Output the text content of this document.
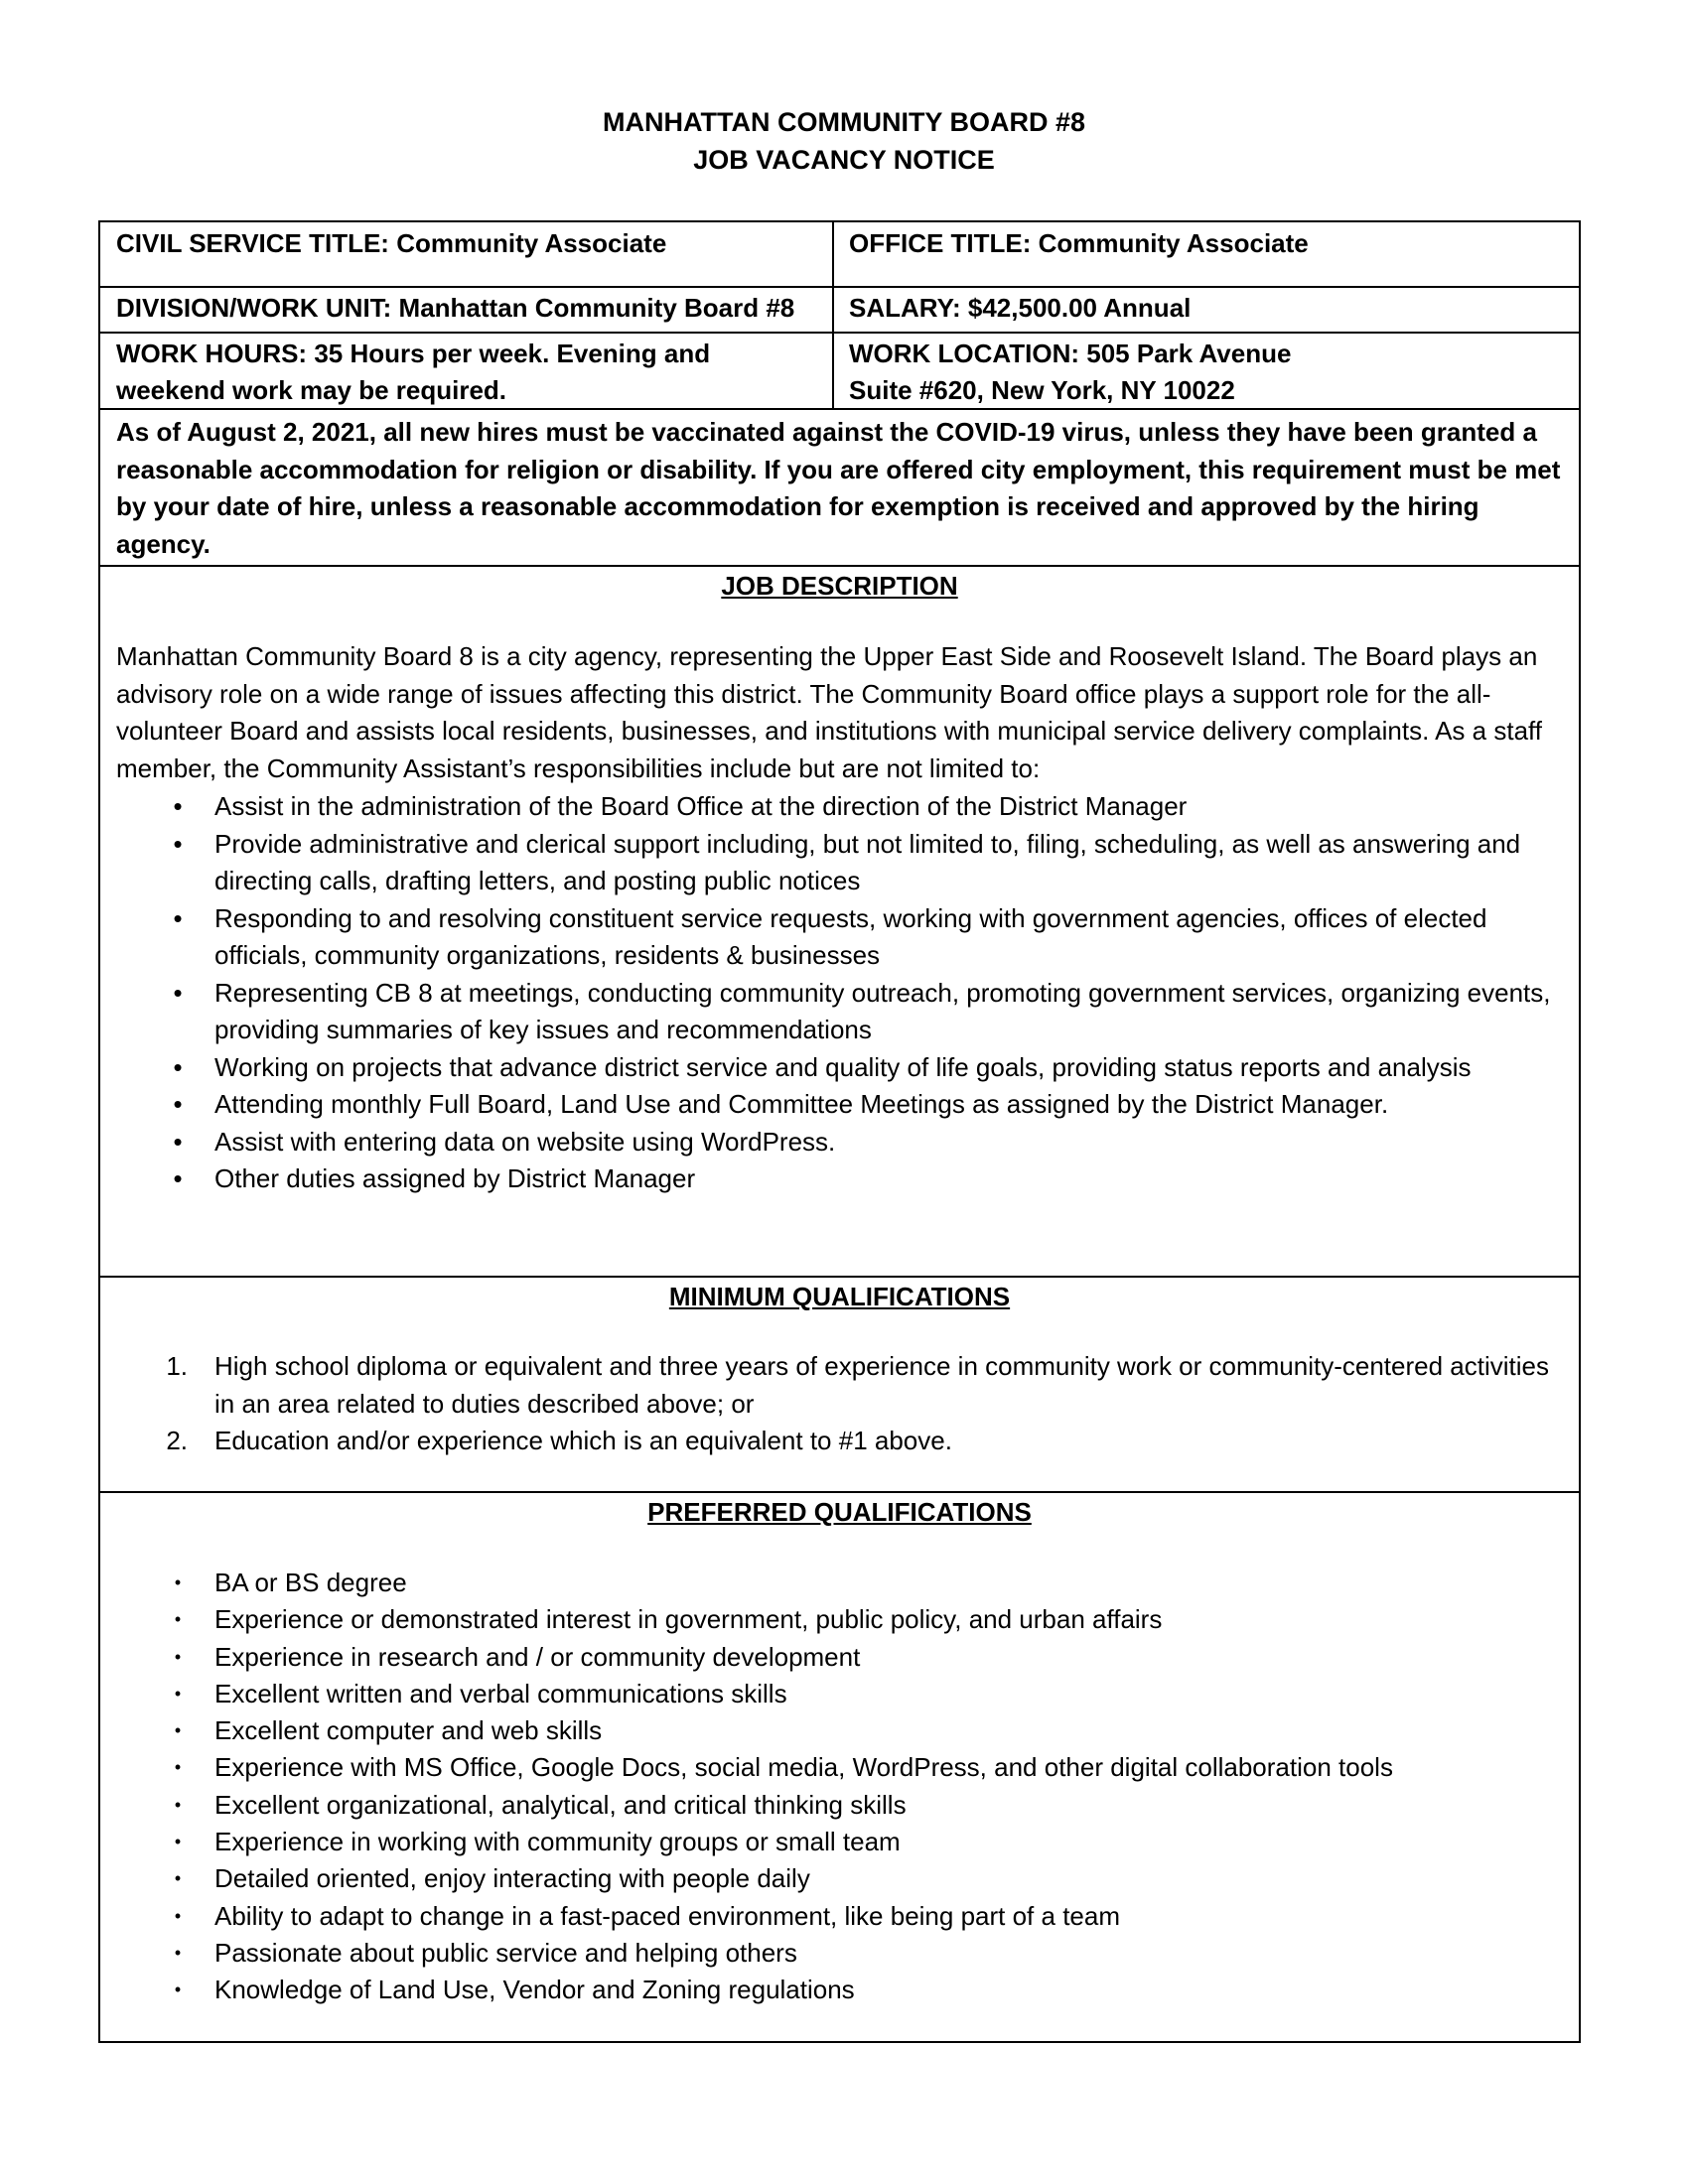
MANHATTAN COMMUNITY BOARD #8
JOB VACANCY NOTICE
CIVIL SERVICE TITLE: Community Associate	OFFICE TITLE: Community Associate
DIVISION/WORK UNIT: Manhattan Community Board #8 SALARY: $42,500.00 Annual
WORK HOURS: 35 Hours per week. Evening and
weekend work may be required.
WORK LOCATION: 505 Park Avenue
Suite #620, New York, NY 10022
As of August 2, 2021, all new hires must be vaccinated against the COVID-19 virus, unless they have been granted a reasonable accommodation for religion or disability. If you are offered city employment, this requirement must be met by your date of hire, unless a reasonable accommodation for exemption is received and approved by the hiring agency.
JOB DESCRIPTION
Manhattan Community Board 8 is a city agency, representing the Upper East Side and Roosevelt Island. The Board plays an advisory role on a wide range of issues affecting this district. The Community Board office plays a support role for the all-volunteer Board and assists local residents, businesses, and institutions with municipal service delivery complaints. As a staff member, the Community Assistant’s responsibilities include but are not limited to:
•	Assist in the administration of the Board Office at the direction of the District Manager
•	Provide administrative and clerical support including, but not limited to, filing, scheduling, as well as answering and directing calls, drafting letters, and posting public notices
•	Responding to and resolving constituent service requests, working with government agencies, offices of elected officials, community organizations, residents & businesses
•	Representing CB 8 at meetings, conducting community outreach, promoting government services, organizing events, providing summaries of key issues and recommendations
•	Working on projects that advance district service and quality of life goals, providing status reports and analysis
•	Attending monthly Full Board, Land Use and Committee Meetings as assigned by the District Manager.
•	Assist with entering data on website using WordPress.
•	Other duties assigned by District Manager
MINIMUM QUALIFICATIONS
1. High school diploma or equivalent and three years of experience in community work or community-centered activities in an area related to duties described above; or
2. Education and/or experience which is an equivalent to #1 above.
PREFERRED QUALIFICATIONS
•	BA or BS degree
•	Experience or demonstrated interest in government, public policy, and urban affairs
•	Experience in research and / or community development
•	Excellent written and verbal communications skills
•	Excellent computer and web skills
•	Experience with MS Office, Google Docs, social media, WordPress, and other digital collaboration tools
•	Excellent organizational, analytical, and critical thinking skills
•	Experience in working with community groups or small team
•	Detailed oriented, enjoy interacting with people daily
•	Ability to adapt to change in a fast-paced environment, like being part of a team
•	Passionate about public service and helping others
•	Knowledge of Land Use, Vendor and Zoning regulations
